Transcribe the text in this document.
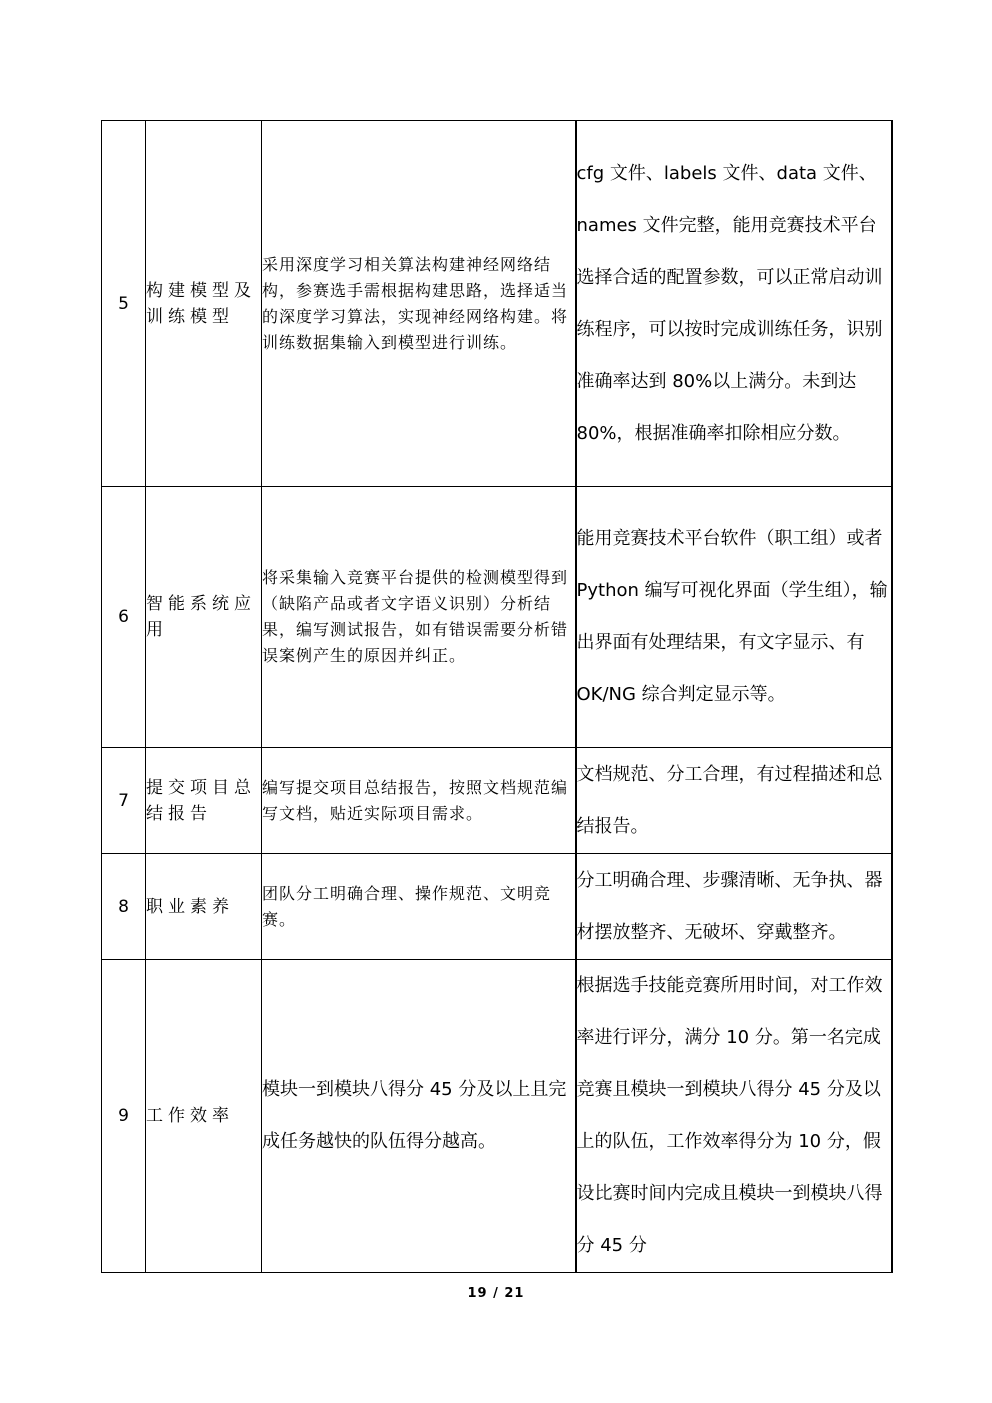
5	构建模型及训练模型	采用深度学习相关算法构建神经网络结构，参赛选手需根据构建思路，选择适当的深度学习算法，实现神经网络构建。将训练数据集输入到模型进行训练。	cfg 文件、labels 文件、data 文件、names 文件完整，能用竞赛技术平台选择合适的配置参数，可以正常启动训练程序，可以按时完成训练任务，识别准确率达到 80%以上满分。未到达 80%，根据准确率扣除相应分数。
6	智能系统应用	将采集输入竞赛平台提供的检测模型得到（缺陷产品或者文字语义识别）分析结果，编写测试报告，如有错误需要分析错误案例产生的原因并纠正。	能用竞赛技术平台软件（职工组）或者 Python 编写可视化界面（学生组），输出界面有处理结果，有文字显示、有 OK/NG 综合判定显示等。
7	提交项目总结报告	编写提交项目总结报告，按照文档规范编写文档，贴近实际项目需求。	文档规范、分工合理，有过程描述和总结报告。
8	职业素养	团队分工明确合理、操作规范、文明竞赛。	分工明确合理、步骤清晰、无争执、器材摆放整齐、无破坏、穿戴整齐。
9	工作效率	模块一到模块八得分 45 分及以上且完成任务越快的队伍得分越高。	根据选手技能竞赛所用时间，对工作效率进行评分，满分 10 分。第一名完成竞赛且模块一到模块八得分 45 分及以上的队伍，工作效率得分为 10 分，假设比赛时间内完成且模块一到模块八得分 45 分
19 / 21
